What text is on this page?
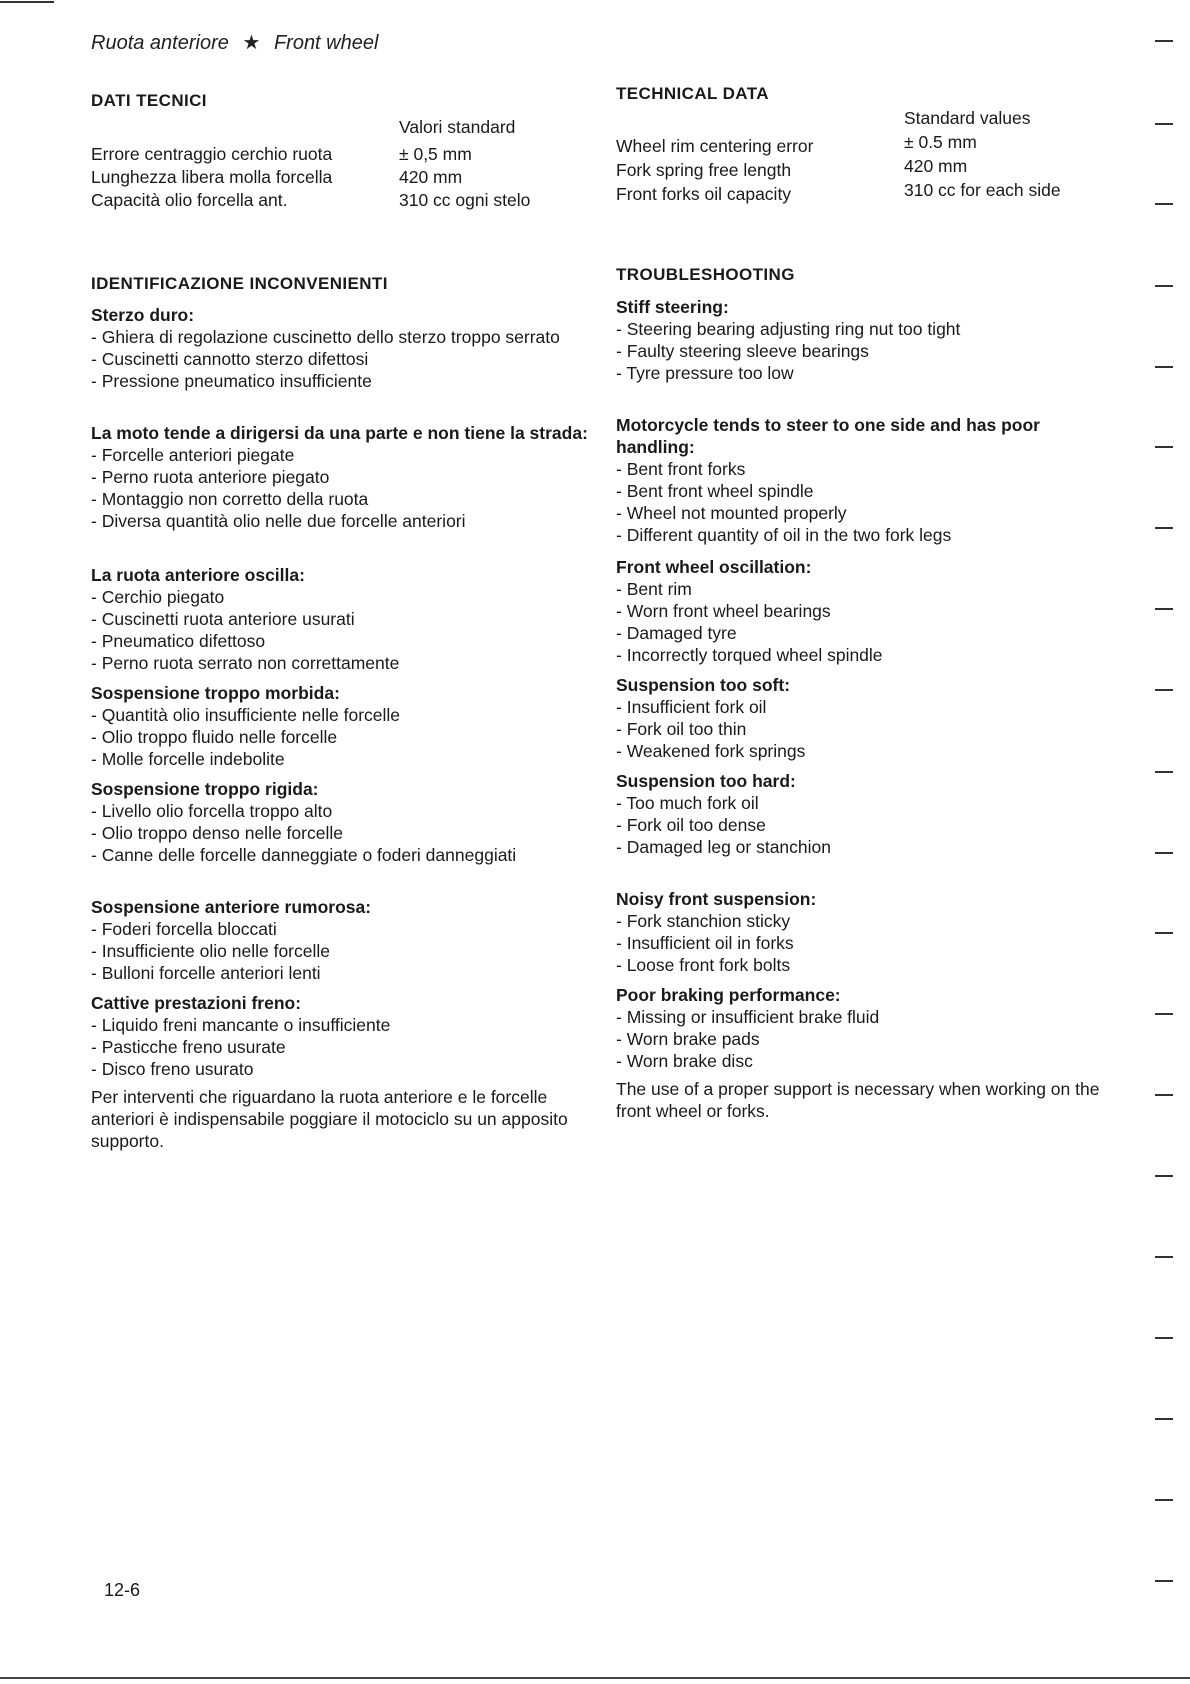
Ruota anteriore ★ Front wheel
DATI TECNICI
Valori standard
Errore centraggio cerchio ruota	± 0,5 mm
Lunghezza libera molla forcella	420 mm
Capacità olio forcella ant.	310 cc ogni stelo
IDENTIFICAZIONE INCONVENIENTI
Sterzo duro:
- Ghiera di regolazione cuscinetto dello sterzo troppo serrato
- Cuscinetti cannotto sterzo difettosi
- Pressione pneumatico insufficiente
La moto tende a dirigersi da una parte e non tiene la strada:
- Forcelle anteriori piegate
- Perno ruota anteriore piegato
- Montaggio non corretto della ruota
- Diversa quantità olio nelle due forcelle anteriori
La ruota anteriore oscilla:
- Cerchio piegato
- Cuscinetti ruota anteriore usurati
- Pneumatico difettoso
- Perno ruota serrato non correttamente
Sospensione troppo morbida:
- Quantità olio insufficiente nelle forcelle
- Olio troppo fluido nelle forcelle
- Molle forcelle indebolite
Sospensione troppo rigida:
- Livello olio forcella troppo alto
- Olio troppo denso nelle forcelle
- Canne delle forcelle danneggiate o foderi danneggiati
Sospensione anteriore rumorosa:
- Foderi forcella bloccati
- Insufficiente olio nelle forcelle
- Bulloni forcelle anteriori lenti
Cattive prestazioni freno:
- Liquido freni mancante o insufficiente
- Pasticche freno usurate
- Disco freno usurato
Per interventi che riguardano la ruota anteriore e le forcelle anteriori è indispensabile poggiare il motociclo su un apposito supporto.
TECHNICAL DATA
Standard values
Wheel rim centering error	± 0.5 mm
Fork spring free length	420 mm
Front forks oil capacity	310 cc for each side
TROUBLESHOOTING
Stiff steering:
- Steering bearing adjusting ring nut too tight
- Faulty steering sleeve bearings
- Tyre pressure too low
Motorcycle tends to steer to one side and has poor handling:
- Bent front forks
- Bent front wheel spindle
- Wheel not mounted properly
- Different quantity of oil in the two fork legs
Front wheel oscillation:
- Bent rim
- Worn front wheel bearings
- Damaged tyre
- Incorrectly torqued wheel spindle
Suspension too soft:
- Insufficient fork oil
- Fork oil too thin
- Weakened fork springs
Suspension too hard:
- Too much fork oil
- Fork oil too dense
- Damaged leg or stanchion
Noisy front suspension:
- Fork stanchion sticky
- Insufficient oil in forks
- Loose front fork bolts
Poor braking performance:
- Missing or insufficient brake fluid
- Worn brake pads
- Worn brake disc
The use of a proper support is necessary when working on the front wheel or forks.
12-6
